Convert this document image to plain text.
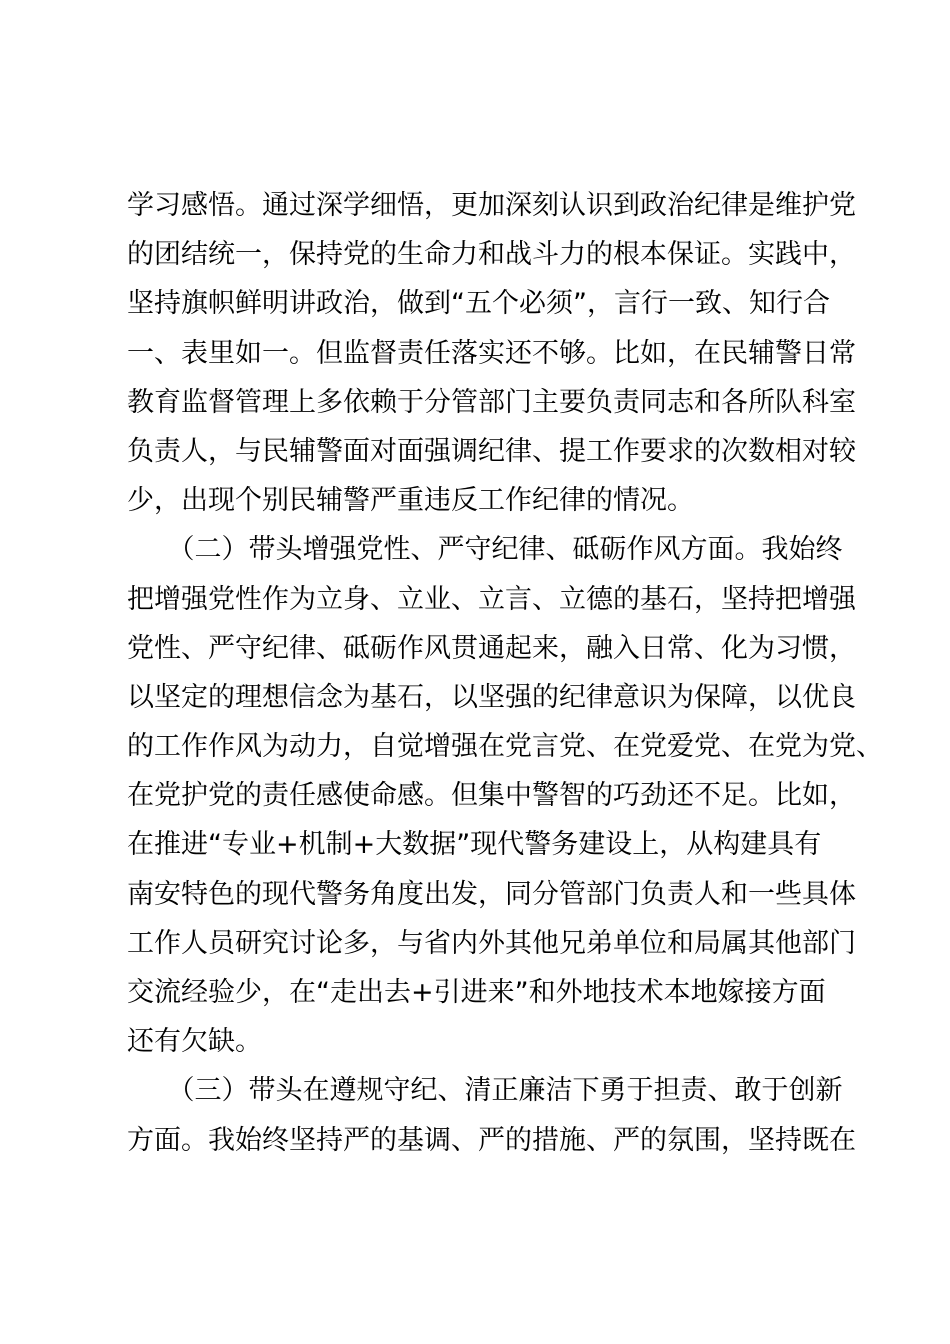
学习感悟。通过深学细悟，更加深刻认识到政治纪律是维护党
的团结统一，保持党的生命力和战斗力的根本保证。实践中，
坚持旗帜鲜明讲政治，做到“五个必须”，言行一致、知行合
一、表里如一。但监督责任落实还不够。比如，在民辅警日常
教育监督管理上多依赖于分管部门主要负责同志和各所队科室
负责人，与民辅警面对面强调纪律、提工作要求的次数相对较
少，出现个别民辅警严重违反工作纪律的情况。
　　（二）带头增强党性、严守纪律、砥砺作风方面。我始终
把增强党性作为立身、立业、立言、立德的基石，坚持把增强
党性、严守纪律、砥砺作风贯通起来，融入日常、化为习惯，
以坚定的理想信念为基石，以坚强的纪律意识为保障，以优良
的工作作风为动力，自觉增强在党言党、在党爱党、在党为党、
在党护党的责任感使命感。但集中警智的巧劲还不足。比如，
在推进“专业+机制+大数据”现代警务建设上，从构建具有
南安特色的现代警务角度出发，同分管部门负责人和一些具体
工作人员研究讨论多，与省内外其他兄弟单位和局属其他部门
交流经验少，在“走出去+引进来”和外地技术本地嫁接方面
还有欠缺。
　　（三）带头在遵规守纪、清正廉洁下勇于担责、敢于创新
方面。我始终坚持严的基调、严的措施、严的氛围，坚持既在
